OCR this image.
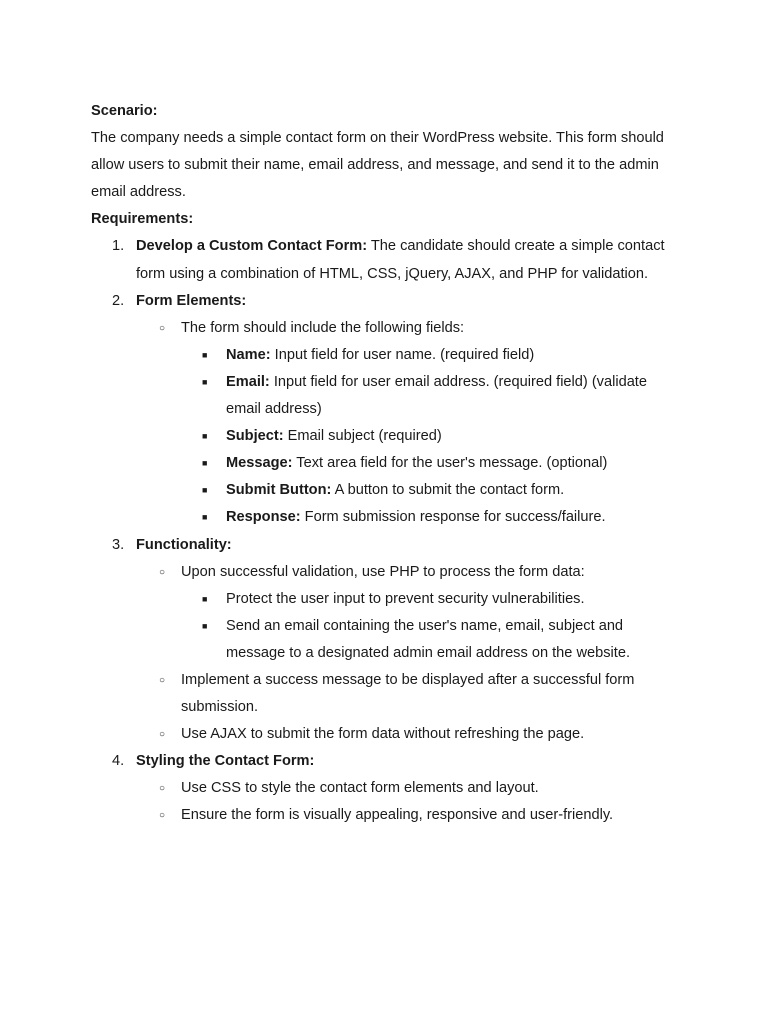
Scenario:

The company needs a simple contact form on their WordPress website. This form should allow users to submit their name, email address, and message, and send it to the admin email address.

Requirements:

1. Develop a Custom Contact Form: The candidate should create a simple contact form using a combination of HTML, CSS, jQuery, AJAX, and PHP for validation.
2. Form Elements:
○ The form should include the following fields:
■ Name: Input field for user name. (required field)
■ Email: Input field for user email address. (required field) (validate email address)
■ Subject: Email subject (required)
■ Message: Text area field for the user's message. (optional)
■ Submit Button: A button to submit the contact form.
■ Response: Form submission response for success/failure.
3. Functionality:
○ Upon successful validation, use PHP to process the form data:
■ Protect the user input to prevent security vulnerabilities.
■ Send an email containing the user's name, email, subject and message to a designated admin email address on the website.
○ Implement a success message to be displayed after a successful form submission.
○ Use AJAX to submit the form data without refreshing the page.
4. Styling the Contact Form:
○ Use CSS to style the contact form elements and layout.
○ Ensure the form is visually appealing, responsive and user-friendly.
